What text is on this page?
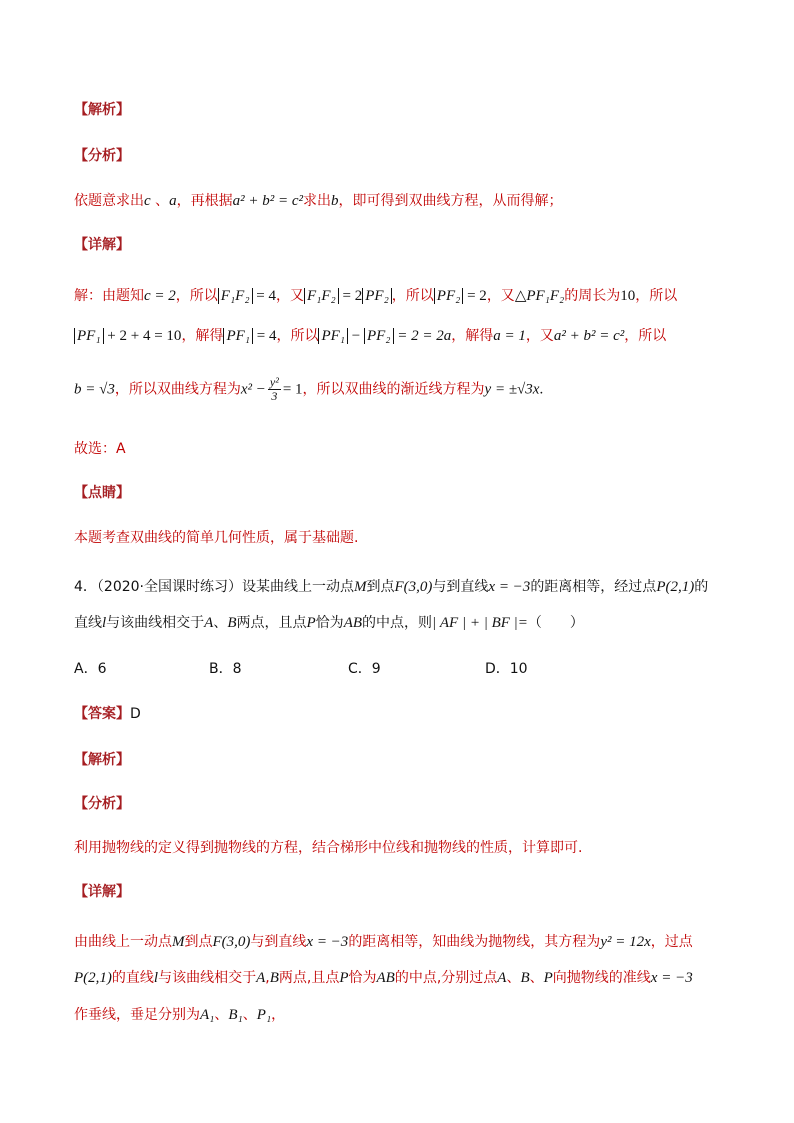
【解析】
【分析】
依题意求出c 、a，再根据a² + b² = c²求出b，即可得到双曲线方程，从而得解；
【详解】
解：由题知c = 2，所以 F₁F₂ = 4，又 F₁F₂ = 2 PF₂ ，所以 PF₂ = 2，又△PF₁F₂的周长为10，所以
PF₁ + 2 + 4 = 10，解得 PF₁ = 4，所以 PF₁ − PF₂ = 2 = 2a，解得a = 1，又a² + b² = c²，所以
b = √3，所以双曲线方程为$x^2 - \frac{\text{y²}}{3} = 1$，所以双曲线的渐近线方程为y = ±√3x.
故选：A
【点睛】
本题考查双曲线的简单几何性质，属于基础题.
4．（2020·全国课时练习）设某曲线上一动点M到点F(3,0)与到直线x = −3的距离相等，经过点P(2,1)的
直线l与该曲线相交于A、B两点，且点P恰为AB的中点，则| AF | + | BF |=（　　）
A．6	B．8	C．9	D．10
【答案】D
【解析】
【分析】
利用抛物线的定义得到抛物线的方程，结合梯形中位线和抛物线的性质，计算即可.
【详解】
由曲线上一动点M到点F(3,0)与到直线x = −3的距离相等，知曲线为抛物线，其方程为y² = 12x，过点
P(2,1)的直线l与该曲线相交于A,B两点,且点P恰为AB的中点,分别过点A、B、P向抛物线的准线x = −3
作垂线，垂足分别为A₁、B₁、P₁，
